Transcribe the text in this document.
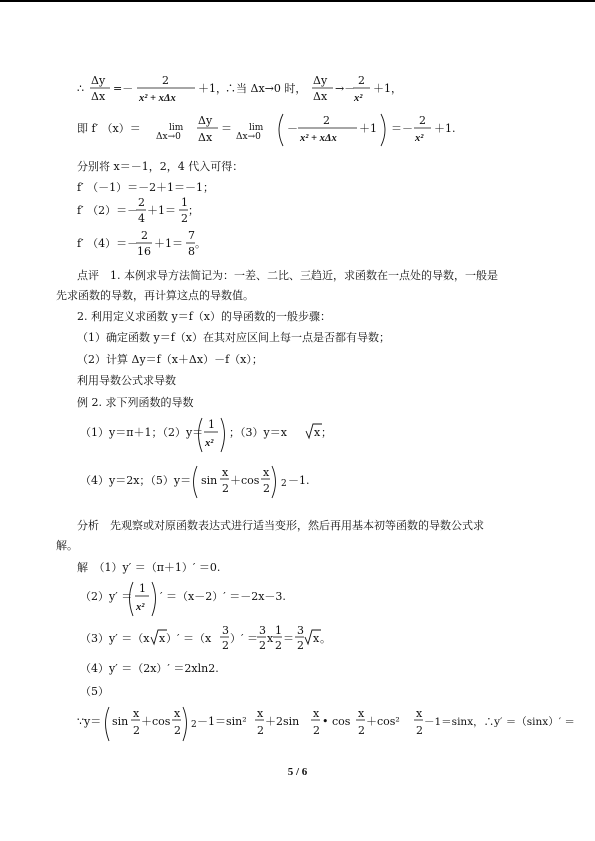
∴
Δy
Δx
=－
2
x² + xΔx
＋1，
∴当 Δx→0 时，
Δy
Δx
→－
2
x²
＋1，
即 f′ （x）＝	lim
Δx→0
Δy
Δx
＝ lim
Δx→0
－
2
x² + xΔx
＋1 ＝－
2
x²
＋1.
分别将 x＝－1，2，4 代入可得：
f′ （－1）＝－2＋1＝－1；
f′ （2）＝－
2
4
＋1＝
1
2
；
f′ （4）＝－
2
16
＋1＝
7
8
。
点评　1. 本例求导方法简记为：一差、二比、三趋近，求函数在一点处的导数，一般是
先求函数的导数，再计算这点的导数值。
2. 利用定义求函数 y＝f（x）的导函数的一般步骤：
（1）确定函数 y＝f（x）在其对应区间上每一点是否都有导数；
（2）计算 Δy＝f（x＋Δx）－f（x）；
利用导数公式求导数
例 2. 求下列函数的导数
（1）y＝π＋1；（2）y＝
1
x²
；（3）y＝x x ；
（4）y＝2x；（5）y＝ sin
x
2
＋cos
x
2 2 －1.
分析　先观察或对原函数表达式进行适当变形，然后再用基本初等函数的导数公式求
解。
解　（1）y′ ＝（π＋1）′ ＝0.
（2）y′ ＝
1
x²
′ ＝（x－2）′ ＝－2x－3.
（3）y′ ＝（x x ）′ ＝（x
3
2
）′ ＝
3
2
x
1
2
＝
3
2
x 。
（4）y′ ＝（2x）′ ＝2xln2.
（5）
∵y＝ sin
x
2
＋cos
x
2 2 －1＝sin²
x
2
＋2sin
x
2
• cos
x
2
＋cos²
x
2
－1＝sinx，∴y′ ＝（sinx）′ ＝
5 / 6
